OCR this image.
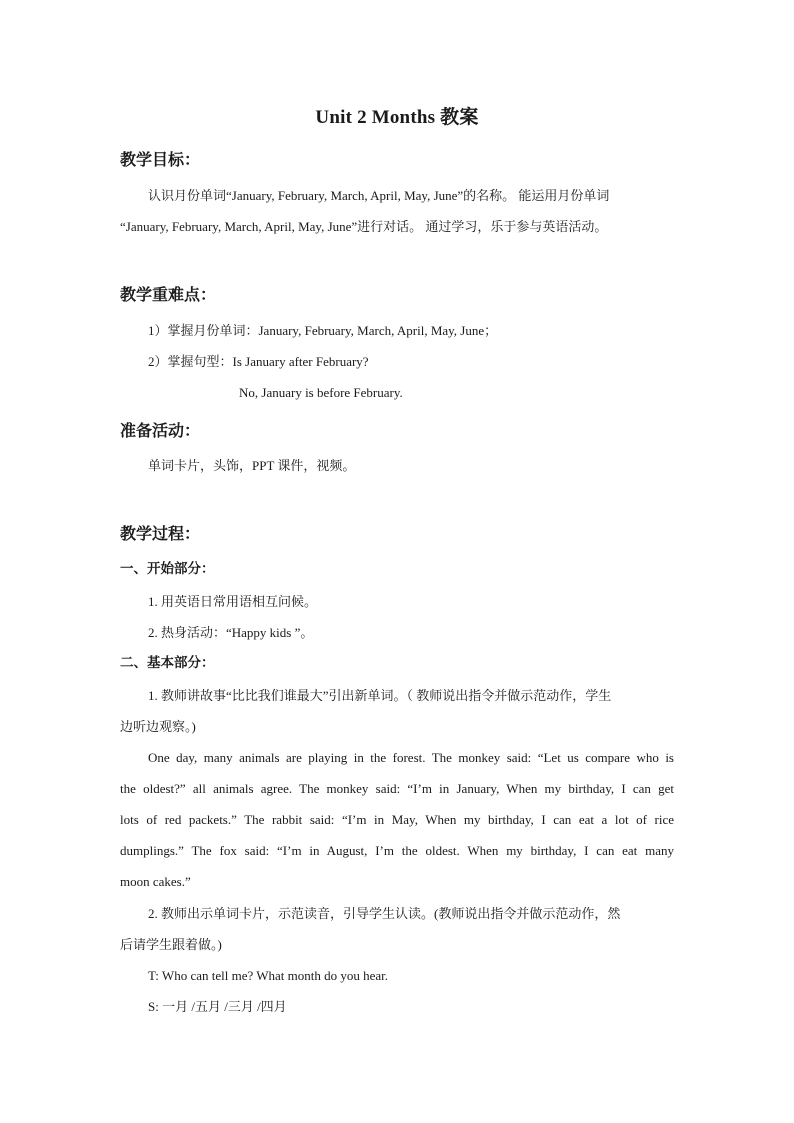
Unit 2 Months 教案
教学目标：
认识月份单词“January, February, March, April, May, June”的名称。 能运用月份单词
“January, February, March, April, May, June”进行对话。 通过学习，乐于参与英语活动。
教学重难点：
1）掌握月份单词：January, February, March, April, May, June；
2）掌握句型：Is January after February?
No, January is before February.
准备活动：
单词卡片，头饰，PPT 课件，视频。
教学过程：
一、开始部分：
1. 用英语日常用语相互问候。
2. 热身活动：“Happy kids ”。
二、基本部分：
1. 教师讲故事“比比我们谁最大”引出新单词。（ 教师说出指令并做示范动作，学生
边听边观察。)
One day, many animals are playing in the forest. The monkey said: “Let us compare who is
the oldest?” all animals agree. The monkey said: “I’m in January, When my birthday, I can get
lots of red packets.” The rabbit said: “I’m in May, When my birthday, I can eat a lot of rice
dumplings.” The fox said: “I’m in August, I’m the oldest. When my birthday, I can eat many
moon cakes.”
2. 教师出示单词卡片，示范读音，引导学生认读。(教师说出指令并做示范动作，然
后请学生跟着做。)
T: Who can tell me? What month do you hear.
S: 一月 /五月 /三月 /四月
